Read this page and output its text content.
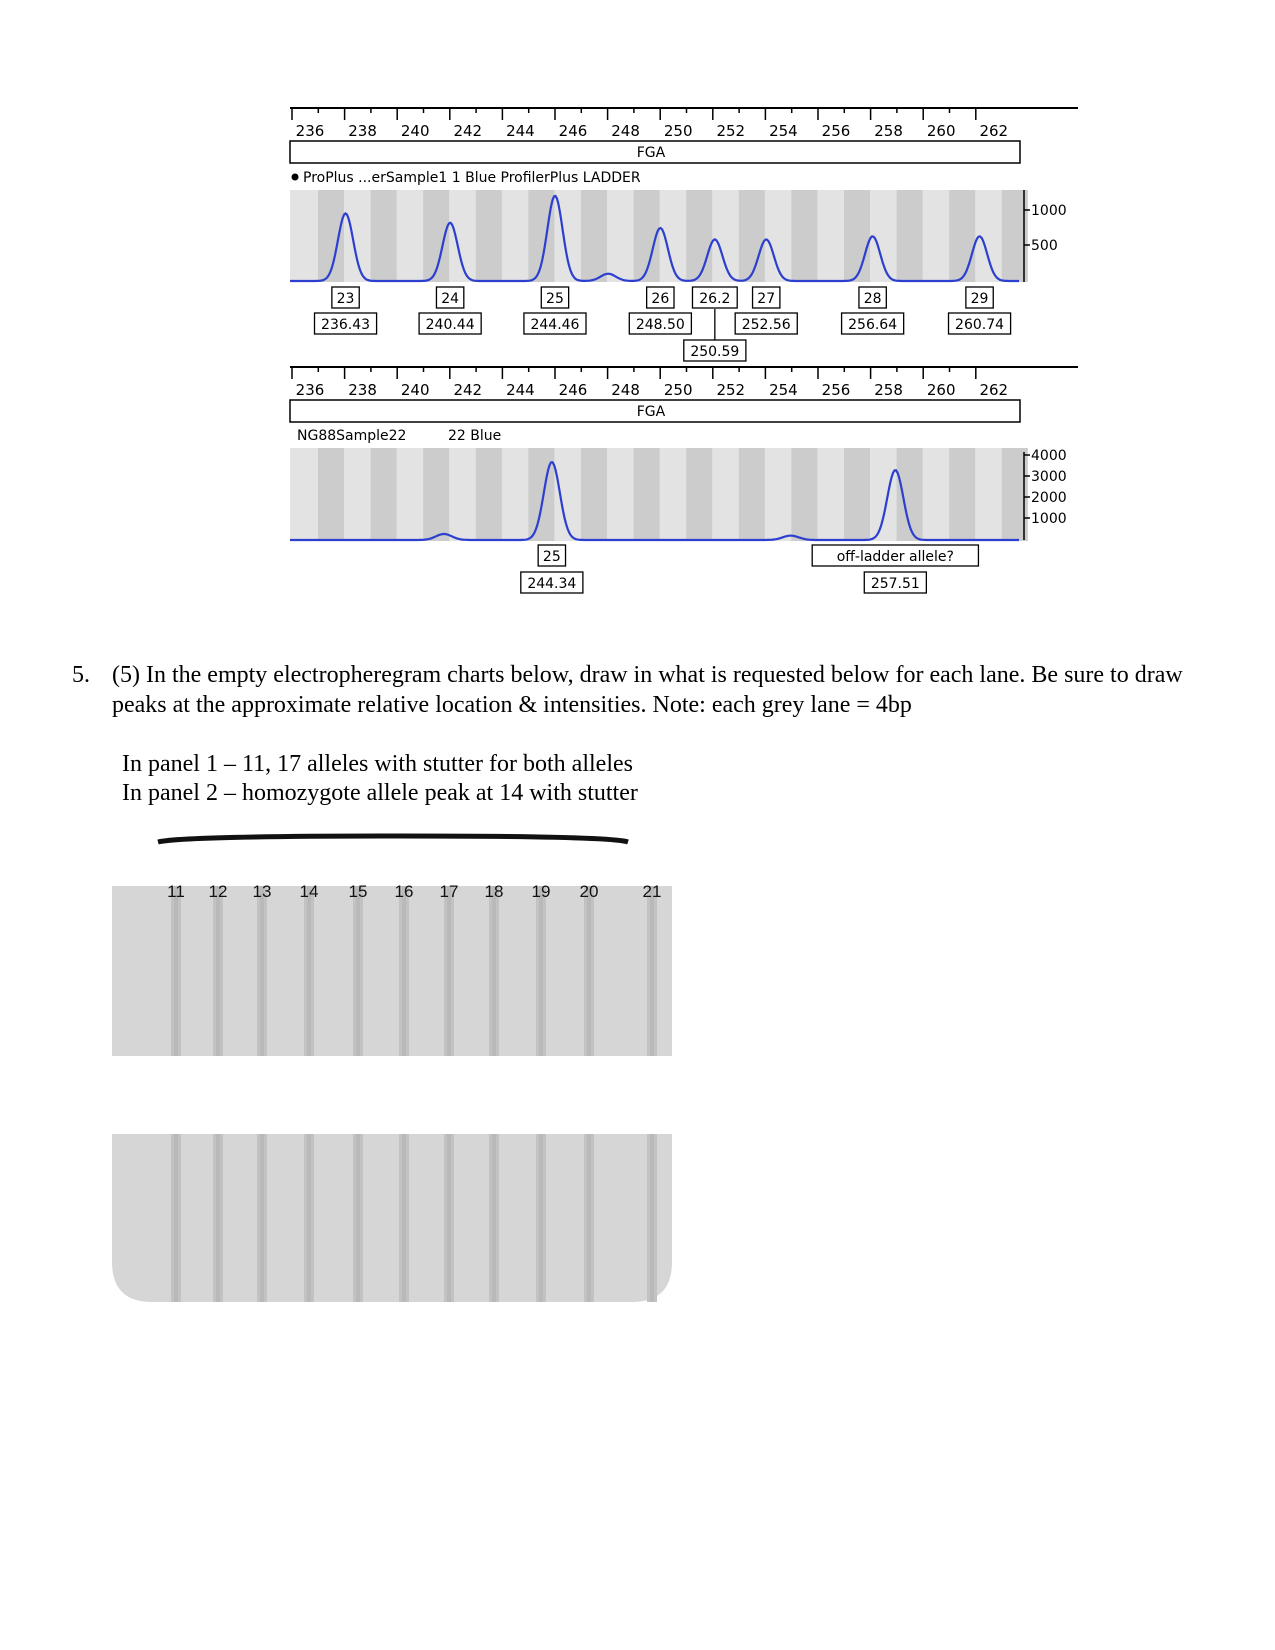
236 238 240 242 244 246 248 250 252 254 256 258 260 262
FGA
ProPlus ...erSample1 1 Blue ProfilerPlus LADDER
1000
500
23
236.43
24
240.44
25
244.46
26
248.50
26.2
250.59
27
252.56
28
256.64
29
260.74
236 238 240 242 244 246 248 250 252 254 256 258 260 262
FGA
NG88Sample22	22 Blue
4000
3000
2000
1000
25
244.34
off-ladder allele?
257.51
5. (5) In the empty electropheregram charts below, draw in what is requested below for each lane. Be sure to draw peaks at the approximate relative location & intensities. Note: each grey lane = 4bp
In panel 1 – 11, 17 alleles with stutter for both alleles
In panel 2 – homozygote allele peak at 14 with stutter
11 12 13 14 15 16 17 18 19 20	21
